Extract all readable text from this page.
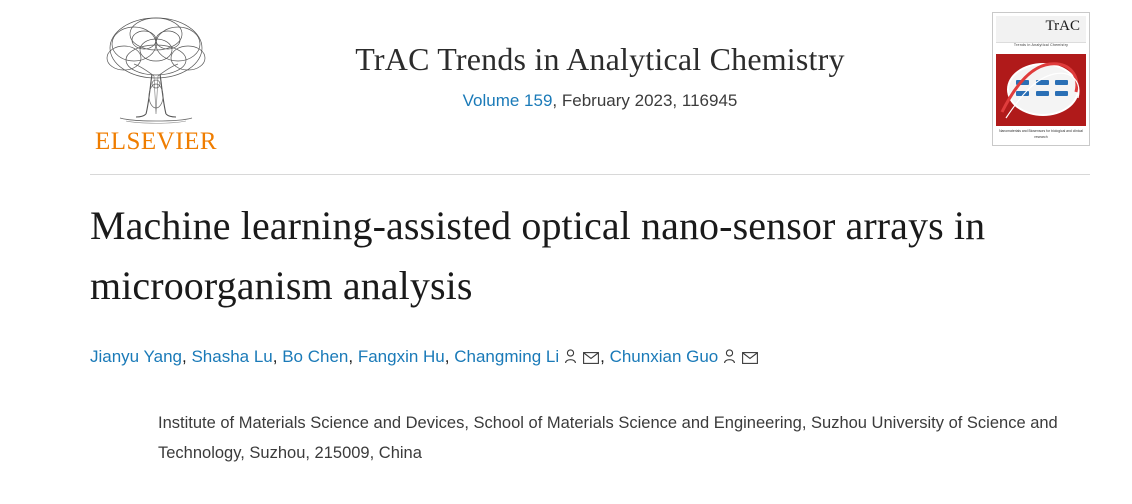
ELSEVIER
TrAC Trends in Analytical Chemistry
Volume 159, February 2023, 116945
TrAC
Trends in Analytical Chemistry
Nanomaterials and Biosensors for biological and clinical research
Machine learning-assisted optical nano-sensor arrays in microorganism analysis
Jianyu Yang, Shasha Lu, Bo Chen, Fangxin Hu, Changming Li , Chunxian Guo
Institute of Materials Science and Devices, School of Materials Science and Engineering, Suzhou University of Science and Technology, Suzhou, 215009, China
